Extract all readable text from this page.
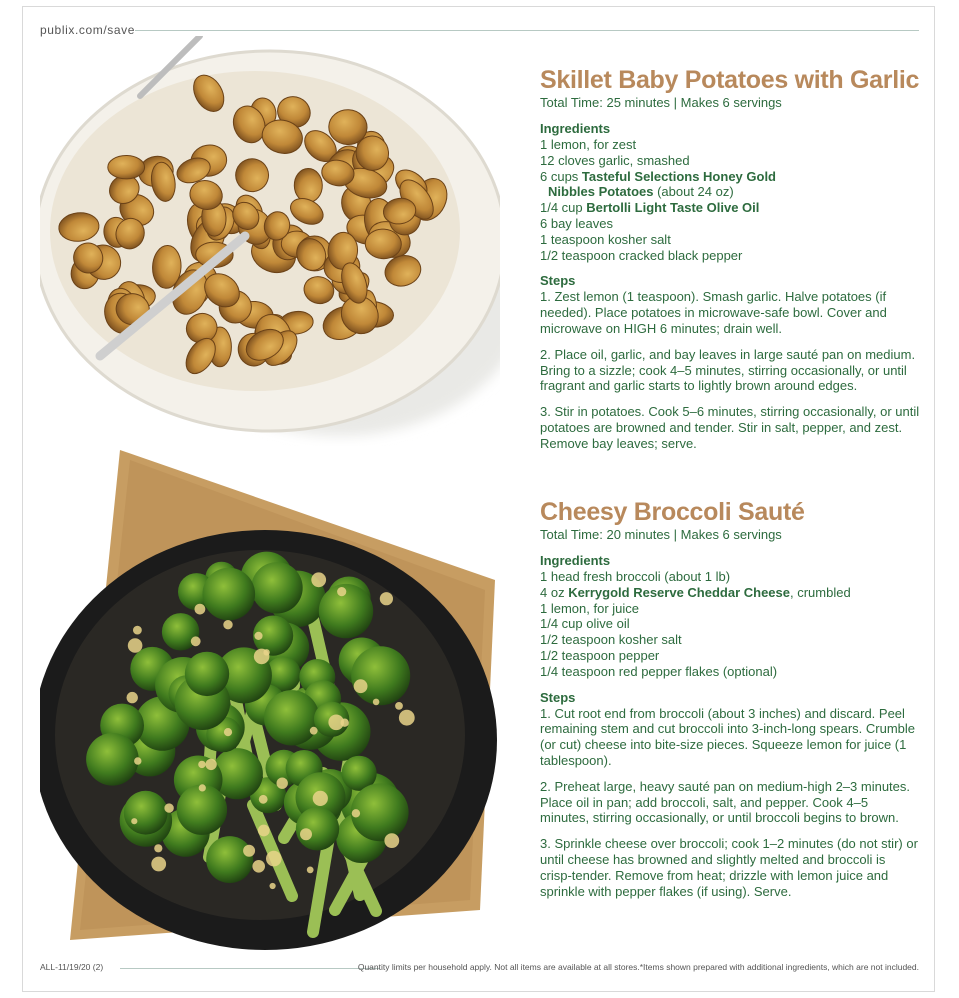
publix.com/save
Skillet Baby Potatoes with Garlic

Total Time: 25 minutes | Makes 6 servings

Ingredients

1 lemon, for zest

12 cloves garlic, smashed

6 cups Tasteful Selections Honey Gold

Nibbles Potatoes (about 24 oz)

1/4 cup Bertolli Light Taste Olive Oil

6 bay leaves

1 teaspoon kosher salt

1/2 teaspoon cracked black pepper

Steps

1. Zest lemon (1 teaspoon). Smash garlic. Halve potatoes (if needed). Place potatoes in microwave-safe bowl. Cover and microwave on HIGH 6 minutes; drain well.

2. Place oil, garlic, and bay leaves in large sauté pan on medium. Bring to a sizzle; cook 4–5 minutes, stirring occasionally, or until fragrant and garlic starts to lightly brown around edges.

3. Stir in potatoes. Cook 5–6 minutes, stirring occasionally, or until potatoes are browned and tender. Stir in salt, pepper, and zest. Remove bay leaves; serve.

Cheesy Broccoli Sauté

Total Time: 20 minutes | Makes 6 servings

Ingredients

1 head fresh broccoli (about 1 lb)

4 oz Kerrygold Reserve Cheddar Cheese, crumbled

1 lemon, for juice

1/4 cup olive oil

1/2 teaspoon kosher salt

1/2 teaspoon pepper

1/4 teaspoon red pepper flakes (optional)

Steps

1. Cut root end from broccoli (about 3 inches) and discard. Peel remaining stem and cut broccoli into 3-inch-long spears. Crumble (or cut) cheese into bite-size pieces. Squeeze lemon for juice (1 tablespoon).

2. Preheat large, heavy sauté pan on medium-high 2–3 minutes. Place oil in pan; add broccoli, salt, and pepper. Cook 4–5 minutes, stirring occasionally, or until broccoli begins to brown.

3. Sprinkle cheese over broccoli; cook 1–2 minutes (do not stir) or until cheese has browned and slightly melted and broccoli is crisp-tender. Remove from heat; drizzle with lemon juice and sprinkle with pepper flakes (if using). Serve.

ALL-11/19/20 (2)	Quantity limits per household apply. Not all items are available at all stores.*Items shown prepared with additional ingredients, which are not included.
